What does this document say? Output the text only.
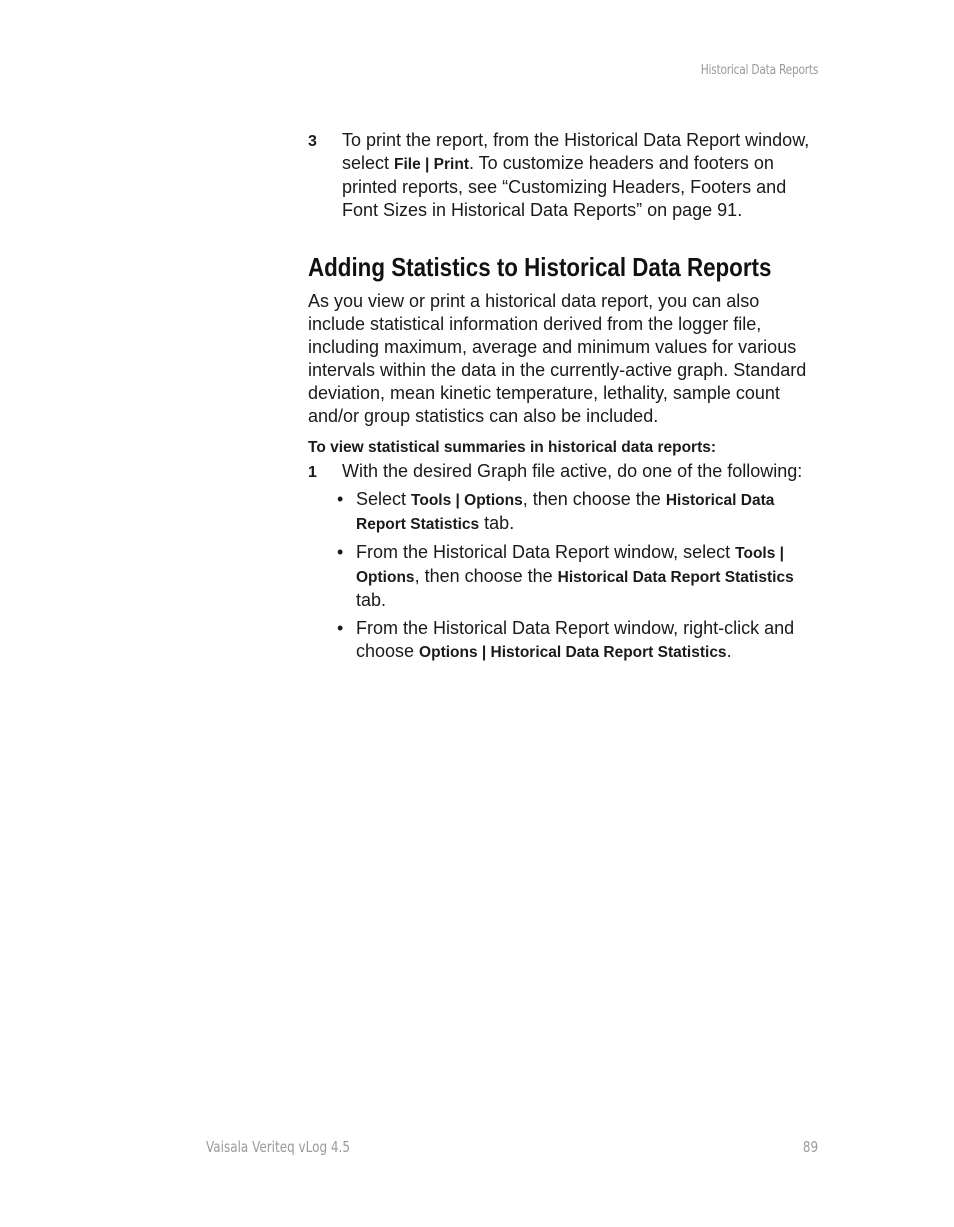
Historical Data Reports

3 To print the report, from the Historical Data Report window, select File | Print. To customize headers and footers on printed reports, see “Customizing Headers, Footers and Font Sizes in Historical Data Reports” on page 91.

Adding Statistics to Historical Data Reports

As you view or print a historical data report, you can also include statistical information derived from the logger file, including maximum, average and minimum values for various intervals within the data in the currently-active graph. Standard deviation, mean kinetic temperature, lethality, sample count and/or group statistics can also be included.

To view statistical summaries in historical data reports:

1 With the desired Graph file active, do one of the following:

• Select Tools | Options, then choose the Historical Data Report Statistics tab.
• From the Historical Data Report window, select Tools | Options, then choose the Historical Data Report Statistics tab.
• From the Historical Data Report window, right-click and choose Options | Historical Data Report Statistics.
Vaisala Veriteq vLog 4.5	89
